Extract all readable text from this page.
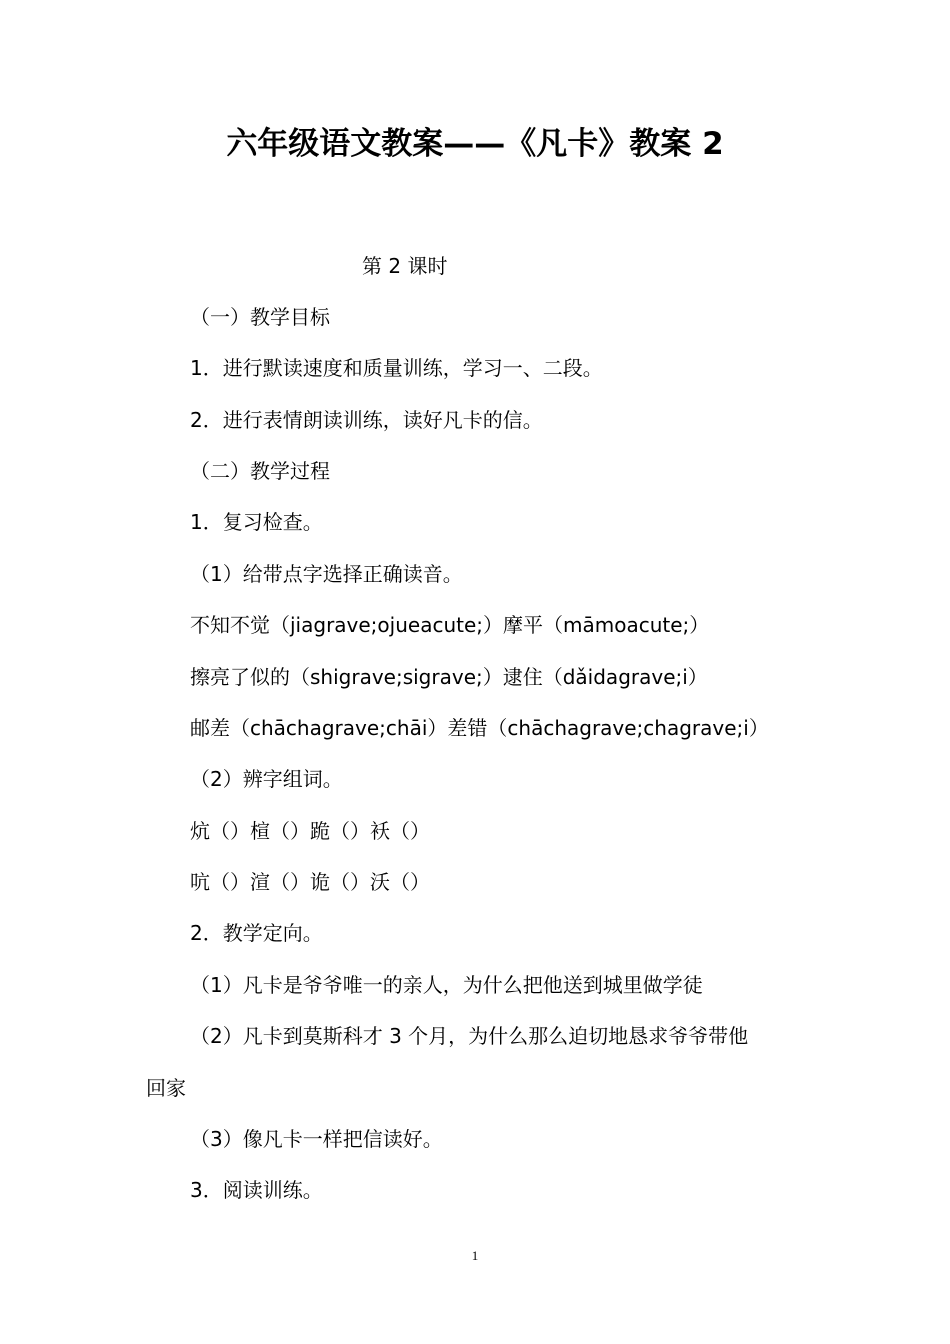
六年级语文教案——《凡卡》教案 2
第 2 课时
（一）教学目标
1．进行默读速度和质量训练，学习一、二段。
2．进行表情朗读训练，读好凡卡的信。
（二）教学过程
1．复习检查。
（1）给带点字选择正确读音。
不知不觉（jiagrave;ojueacute;）摩平（māmoacute;）
擦亮了似的（shigrave;sigrave;）逮住（dǎidagrave;i）
邮差（chāchagrave;chāi）差错（chāchagrave;chagrave;i）
（2）辨字组词。
炕（）楦（）跪（）袄（）
吭（）渲（）诡（）沃（）
2．教学定向。
（1）凡卡是爷爷唯一的亲人，为什么把他送到城里做学徒
（2）凡卡到莫斯科才 3 个月，为什么那么迫切地恳求爷爷带他
回家
（3）像凡卡一样把信读好。
3．阅读训练。
1
